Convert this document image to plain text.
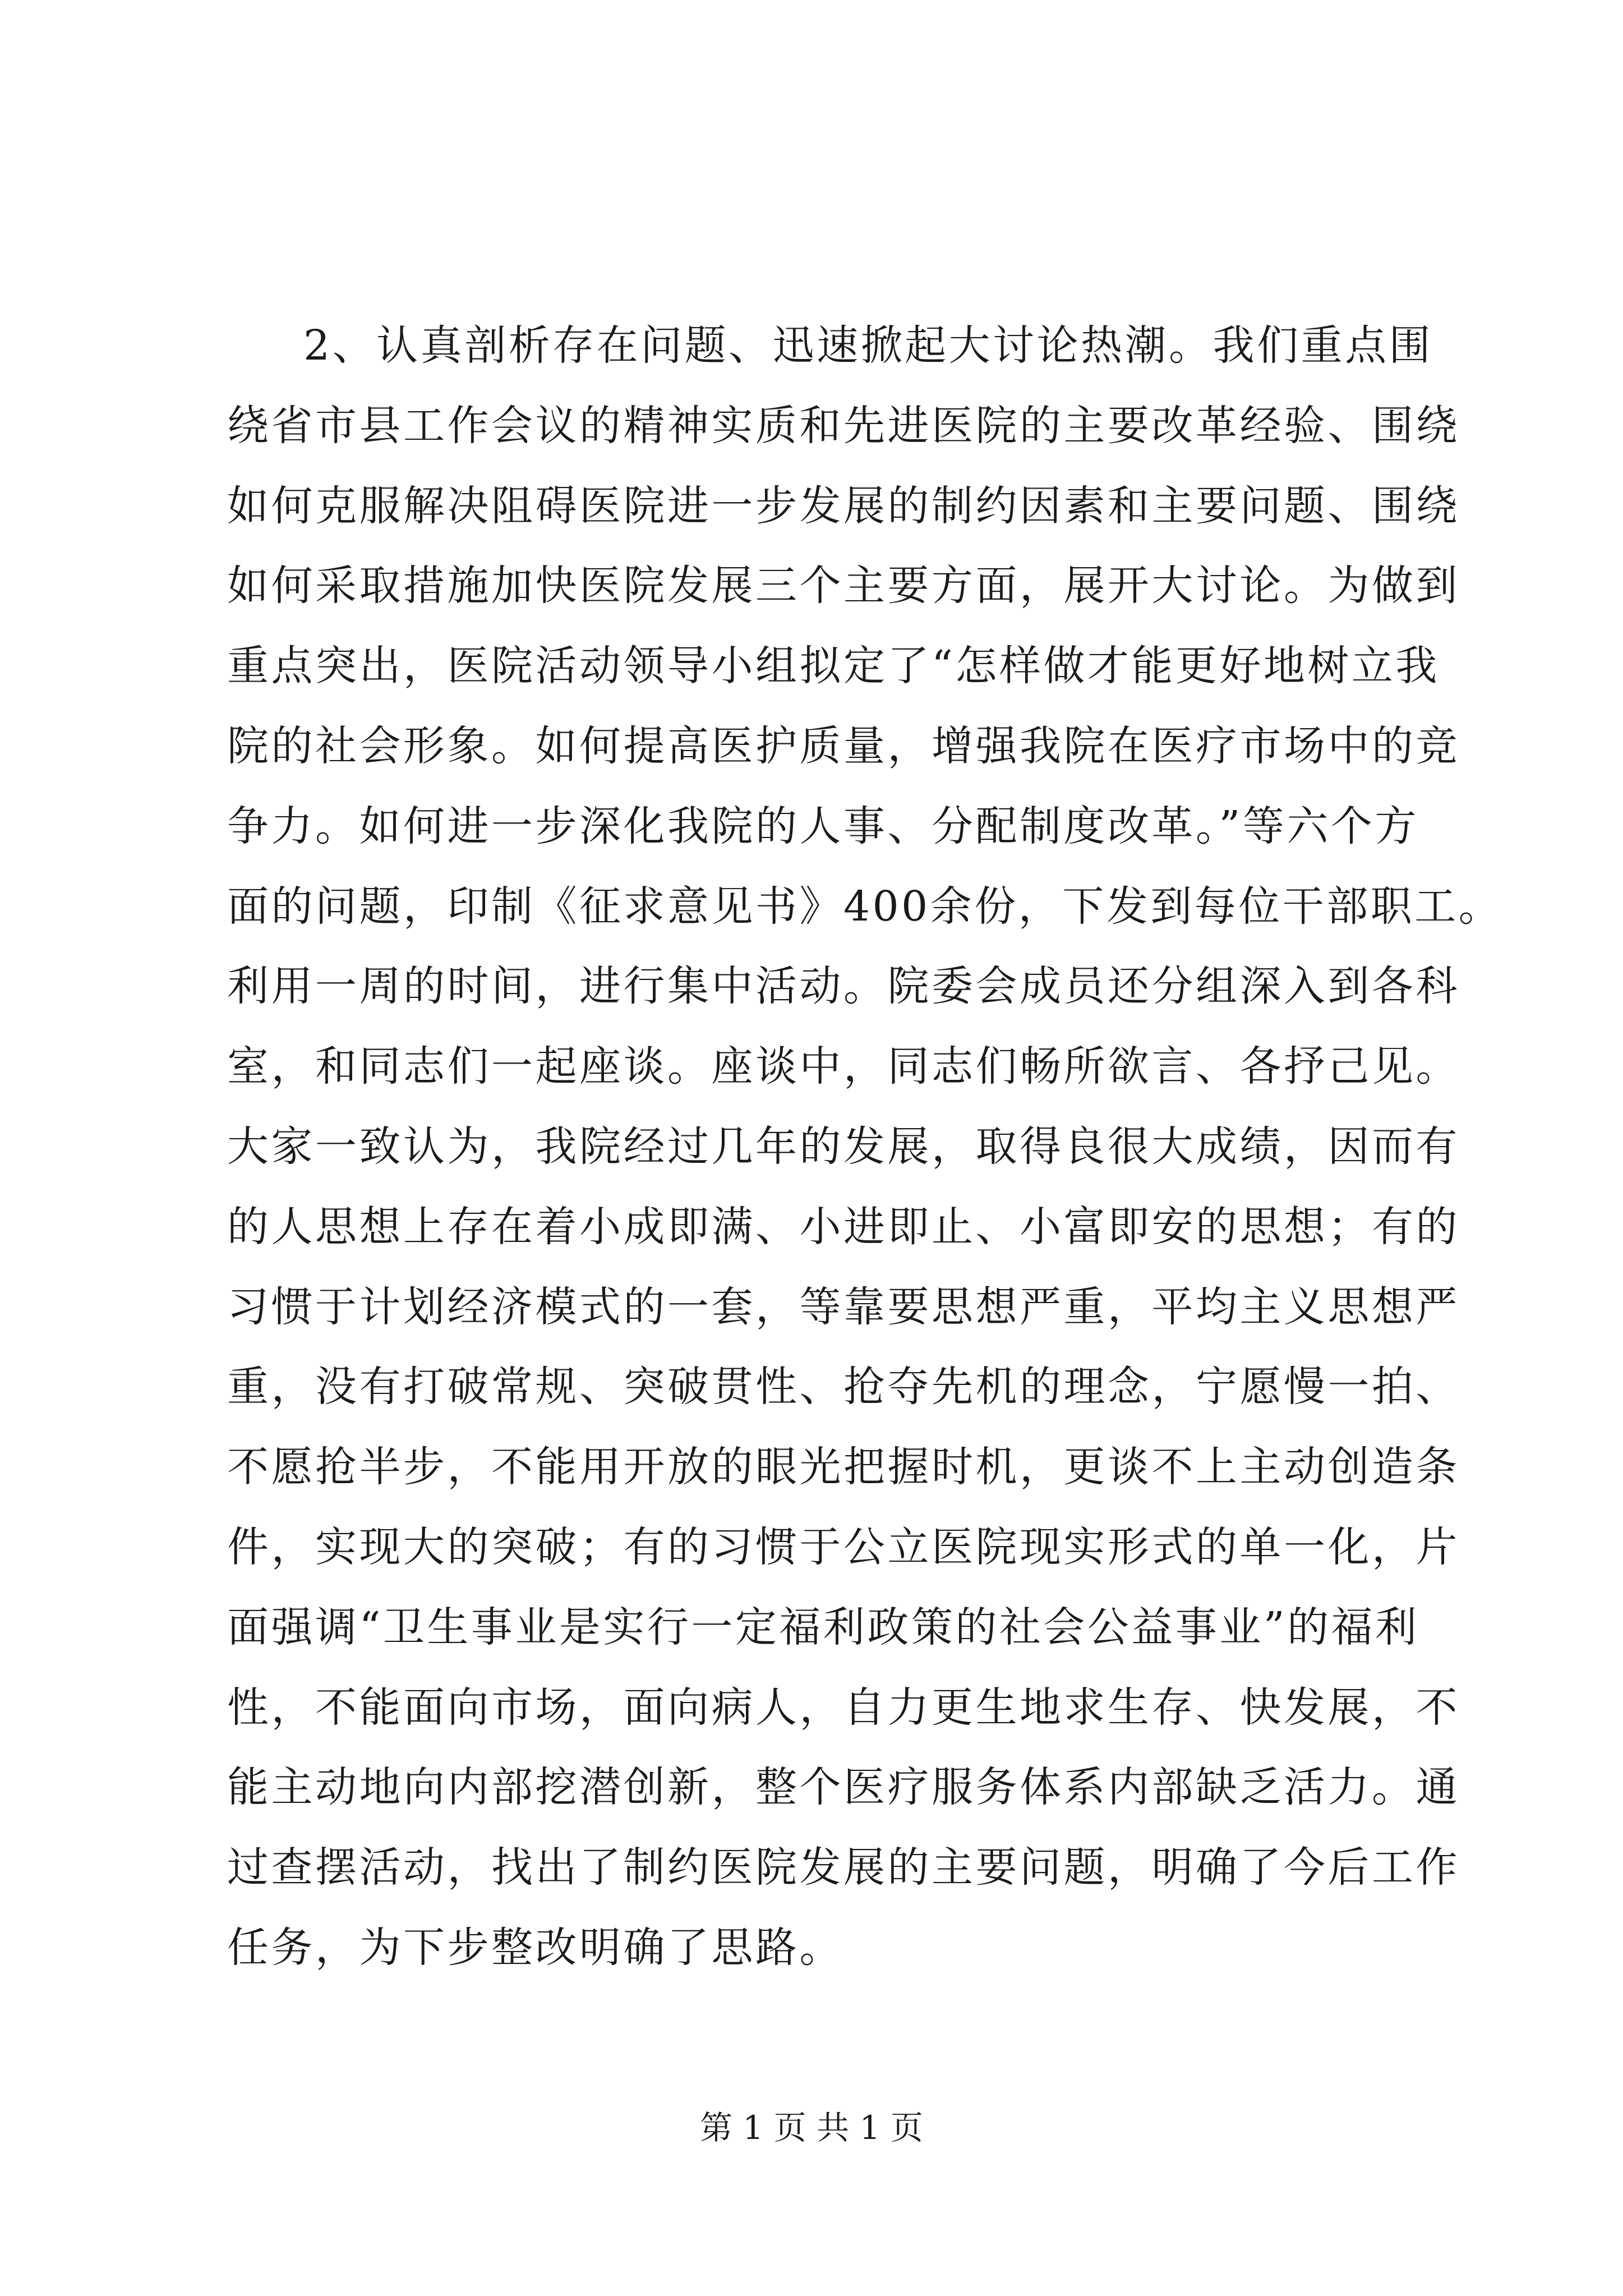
2、认真剖析存在问题、迅速掀起大讨论热潮。我们重点围

绕省市县工作会议的精神实质和先进医院的主要改革经验、围绕

如何克服解决阻碍医院进一步发展的制约因素和主要问题、围绕

如何采取措施加快医院发展三个主要方面，展开大讨论。为做到

重点突出，医院活动领导小组拟定了“怎样做才能更好地树立我

院的社会形象。如何提高医护质量，增强我院在医疗市场中的竞

争力。如何进一步深化我院的人事、分配制度改革。”等六个方

面的问题，印制《征求意见书》400余份，下发到每位干部职工。

利用一周的时间，进行集中活动。院委会成员还分组深入到各科

室，和同志们一起座谈。座谈中，同志们畅所欲言、各抒己见。

大家一致认为，我院经过几年的发展，取得良很大成绩，因而有

的人思想上存在着小成即满、小进即止、小富即安的思想；有的

习惯于计划经济模式的一套，等靠要思想严重，平均主义思想严

重，没有打破常规、突破贯性、抢夺先机的理念，宁愿慢一拍、

不愿抢半步，不能用开放的眼光把握时机，更谈不上主动创造条

件，实现大的突破；有的习惯于公立医院现实形式的单一化，片

面强调“卫生事业是实行一定福利政策的社会公益事业”的福利

性，不能面向市场，面向病人，自力更生地求生存、快发展，不

能主动地向内部挖潜创新，整个医疗服务体系内部缺乏活力。通

过查摆活动，找出了制约医院发展的主要问题，明确了今后工作

任务，为下步整改明确了思路。

第 1 页 共 1 页
